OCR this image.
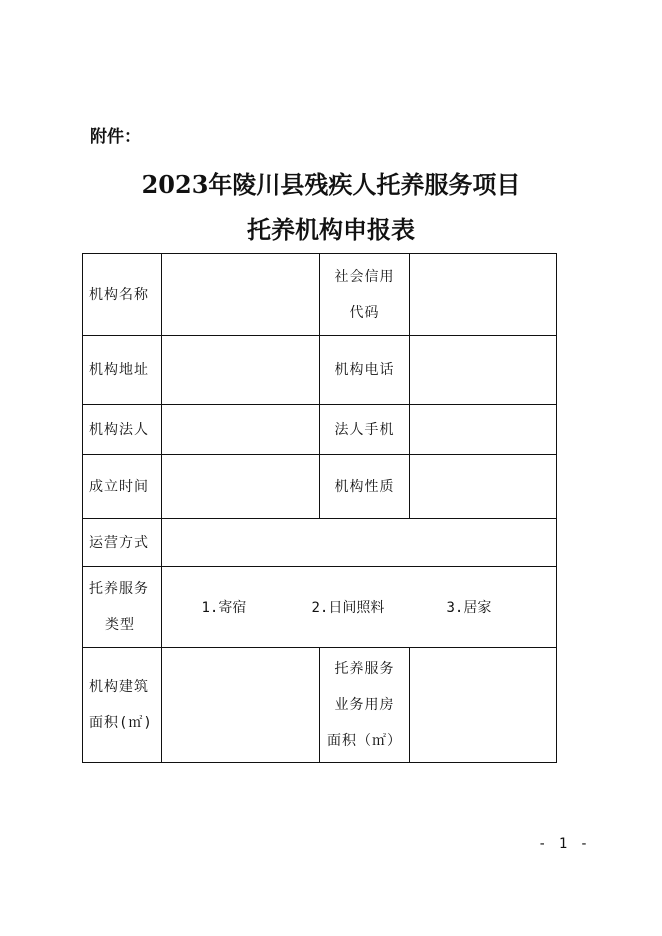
附件：
2023年陵川县残疾人托养服务项目
托养机构申报表
机构名称		社会信用
代码	

机构地址		机构电话	
机构法人		法人手机	
成立时间		机构性质	
运营方式			

托养服务
类型	1.寄宿 2.日间照料 3.居家		

机构建筑
面积(㎡)		托养服务
业务用房
面积（㎡）	

- 1 -
